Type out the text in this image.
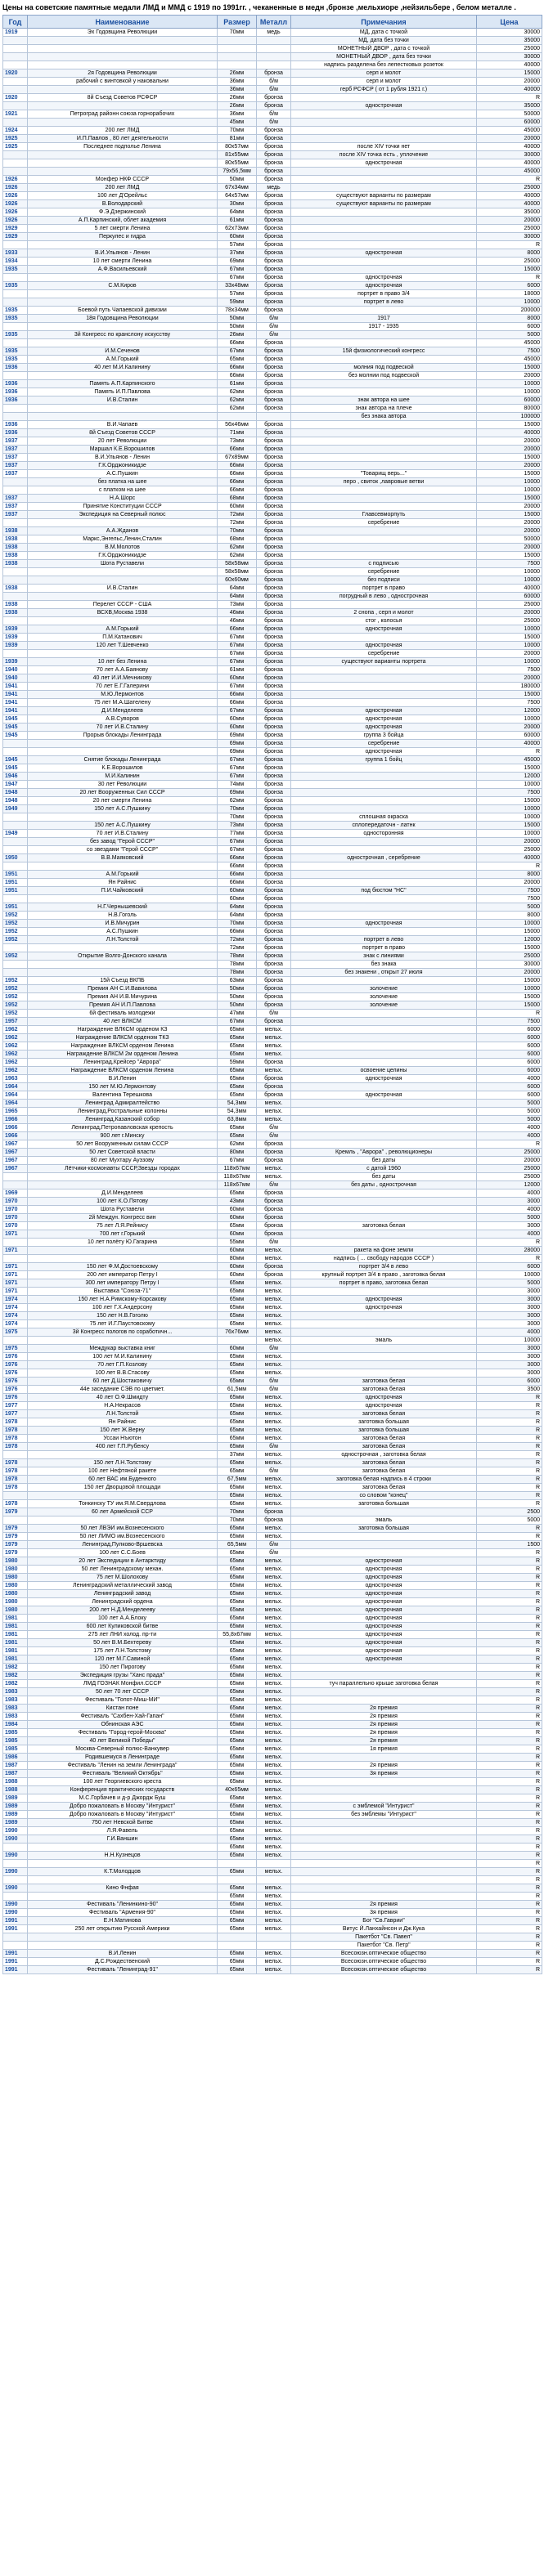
Цены на советские памятные медали ЛМД и ММД с 1919 по 1991гг. , чеканенные в медн ,бронзе ,мельхиоре ,нейзильбере , белом металле .
Год	Наименование	Размер	Металл	Примечания	Цена
1919	Эх Годовщина Революции	70мм	медь	МД, дата с точкой	30000
				МД, дата без точки	35000
				МОНЕТНЫЙ ДВОР , дата с точкой	25000
				МОНЕТНЫЙ ДВОР , дата без точки	30000
				надпись разделена без лепестковых розеток	40000
1920	2я Годовщина Революции	26мм	бронза	серп и молот	15000
	рабочий с винтовкой у наковальни	36мм	б/м	серп и молот	20000
		36мм	б/м	герб РСФСР ( от 1 рубля 1921 г.)	40000
1920	8й Съезд Советов РСФСР	26мм	бронза		R
		26мм	бронза	однострочная	35000
1921	Петроград районн союза горнорабочих	36мм	б/м		50000
		45мм	б/м		60000
1924	200 лет ЛМД	70мм	бронза		45000
1925	И.П.Павлов , 80 лет деятельности	81мм	бронза		20000
1925	Последнее подполье Ленина	80х57мм	бронза	после XIV точки нет	40000
		81х55мм	бронза	после XIV точка есть , уплочение	30000
		80х55мм	бронза	однострочная	40000
		79х56,5мм	бронза		45000
1926	Монфер НКФ СССР	50мм	бронза		R
1926	200 лет ЛМД	67х34мм	медь		25000
1926	100 лет Д'Орейльс	64х57мм	бронза	существуют варианты по размерам	40000
1926	В.Володарский	30мм	бронза	существуют варианты по размерам	40000
1926	Ф.Э.Дзержинский	64мм	бронза		35000
1926	А.П.Карпинский, облет академия	61мм	бронза		20000
1929	5 лет смерти Ленина	62х73мм	бронза		25000
1929	Перкулес и гидра	60мм	бронза		30000
		57мм	бронза		R
1933	В.И.Ульянов - Ленин	37мм	бронза	однострочная	8000
1934	10 лет смерти Ленина	69мм	бронза		25000
1935	А.Ф.Васильевский	67мм	бронза		15000
		67мм	бронза	однострочная	R
1935	С.М.Киров	33х48мм	бронза	однострочная	6000
		57мм	бронза	портрет в право 3/4	18000
		59мм	бронза	портрет в лево	10000
1935	Боевой путь Чапаевской дивизии	78х34мм	бронза		200000
1935	18я Годовщина Революции	50мм	б/м	1917	8000
		50мм	б/м	1917 - 1935	6000
1935	3й Конгресс по кранслону искусству	26мм	б/м		5000
		66мм	бронза		45000
1935	И.М.Сеченов	67мм	бронза	15й физиологический конгресс	7500
1935	А.М.Горький	65мм	бронза		45000
1936	40 лет М.И.Калинину	66мм	бронза	молния под подвеской	15000
		66мм	бронза	без молнии под подвеской	20000
1936	Память А.П.Карпинского	61мм	бронза		10000
1936	Память И.П.Павлова	62мм	бронза		10000
1936	И.В.Сталин	62мм	бронза	знак автора на шее	60000
		62мм	бронза	знак автора на плече	80000
				без знака автора	100000
1936	В.И.Чапаев	56х46мм	бронза		15000
1936	8й Съезд Советов СССР	71мм	бронза		40000
1937	20 лет Революции	73мм	бронза		20000
1937	Маршал К.Е.Ворошилов	66мм	бронза		20000
1937	В.И.Ульянов - Ленин	67х89мм	бронза		15000
1937	Г.К.Орджоникидзе	66мм	бронза		20000
1937	А.С.Пушкин	66мм	бронза	"Товарищ верь..."	15000
	без платка на шее	66мм	бронза	перо , свиток ,лавровые ветви	10000
	с платком на шее	66мм	бронза		10000
1937	Н.А.Шорс	68мм	бронза		15000
1937	Принятие Конституции СССР	60мм	бронза		20000
1937	Экспедиция на Северный полюс	72мм	бронза	Главсевморпуть	15000
		72мм	бронза	серебрение	20000
1938	А.А.Жданов	70мм	бронза		20000
1938	Маркс,Энгельс,Ленин,Сталин	68мм	бронза		50000
1938	В.М.Молотов	62мм	бронза		20000
1938	Г.К.Орджоникидзе	62мм	бронза		15000
1938	Шота Руставели	58х58мм	бронза	с подписью	7500
		58х58мм	бронза	серебрение	10000
		60х60мм	бронза	без подписи	10000
1938	И.В.Сталин	64мм	бронза	портрет в право	40000
		64мм	бронза	погрудный в лево , однострочная	60000
1938	Перелет СССР - США	73мм	бронза		25000
1938	ВСХВ,Москва 1938	46мм	бронза	2 снопа , серп и молот	20000
		46мм	бронза	стог , колосья	25000
1939	А.М.Горький	66мм	бронза	однострочная	10000
1939	П.М.Катанович	67мм	бронза		15000
1939	120 лет Т.Шевченко	67мм	бронза	однострочная	10000
		67мм	бронза	серебрение	20000
1939	10 лет без Ленина	67мм	бронза	существуют варианты портрета	10000
1940	70 лет А.А.Баянову	61мм	бронза		7500
1940	40 лет И.И.Мечникову	60мм	бронза		20000
1941	70 лет Е.Г.Галерини	67мм	бронза		180000
1941	М.Ю.Лермонтов	66мм	бронза		15000
1941	75 лет М.А.Шателену	66мм	бронза		7500
1941	Д.И.Менделеев	67мм	бронза	однострочная	12000
1945	А.В.Суворов	60мм	бронза	однострочная	10000
1945	70 лет И.В.Сталину	60мм	бронза	однострочная	20000
1945	Прорыв блокады Ленинграда	69мм	бронза	группа 3 бойца	60000
		69мм	бронза	серебрение	40000
		69мм	бронза	однострочная	R
1945	Снятие блокады Ленинграда	67мм	бронза	группа 1 бойц	45000
1945	К.Е.Ворошилов	67мм	бронза		15000
1946	М.И.Калинин	67мм	бронза		12000
1947	30 лет Революции	74мм	бронза		10000
1948	20 лет Вооруженных Сил СССР	69мм	бронза		7500
1948	20 лет смерти Ленина	62мм	бронза		15000
1949	150 лет А.С.Пушкину	70мм	бронза		10000
		70мм	бронза	сплошная окраска	10000
	150 лет А.С.Пушкину	73мм	бронза	сплопередаточн - латнк	15000
1949	70 лет И.В.Сталину	77мм	бронза	односторонняя	10000
	без завод "Герой СССР"	67мм	бронза		20000
	со звездами "Герой СССР"	67мм	бронза		25000
1950	В.В.Маяковский	66мм	бронза	однострочная , серебрение	40000
		66мм	бронза		R
1951	А.М.Горький	66мм	бронза		8000
1951	Ян Райнис	66мм	бронза		20000
1951	П.И.Чайковский	60мм	бронза	под бюстом "НС"	7500
		60мм	бронза		7500
1951	Н.Г.Чернышевский	64мм	бронза		5000
1952	Н.В.Гоголь	64мм	бронза		8000
1952	И.В.Мичурин	70мм	бронза	однострочная	10000
1952	А.С.Пушкин	66мм	бронза		15000
1952	Л.Н.Толстой	72мм	бронза	портрет в лево	12000
		72мм	бронза	портрет в право	15000
1952	Открытие Волго-Донского канала	78мм	бронза	знак с линиями	25000
		78мм	бронза	без знака	30000
		78мм	бронза	без знакени , открыт 27 июля	20000
1952	15й Съезд ВКПБ	63мм	бронза		15000
1952	Премия АН С.И.Вавилова	50мм	бронза	золочение	10000
1952	Премия АН И.В.Мичурина	50мм	бронза	золочение	15000
1952	Премия АН И.П.Павлова	50мм	бронза	золочение	15000
1952	6й фестиваль молодежи	47мм	б/м		R
1957	40 лет ВЛКСМ	67мм	бронза		7500
1962	Награждение ВЛКСМ орденом КЗ	65мм	мельх.		6000
1962	Награждение ВЛКСМ орденом ТКЗ	65мм	мельх.		6000
1962	Награждение ВЛКСМ орденом Ленина	65мм	мельх.		6000
1962	Награждение ВЛКСМ 2м орденом Ленина	65мм	мельх.		6000
1962	Ленинград,Крейсер "Аврора"	59мм	бронза		6000
1962	Награждение ВЛКСМ орденом Ленина	65мм	мельх.	освоение целины	6000
1963	В.И.Ленин	65мм	бронза	однострочная	4000
1964	150 лет М.Ю.Лермонтову	65мм	бронза		6000
1964	Валентина Терешкова	65мм	бронза	однострочная	6000
1964	Ленинград Адмиралтейство	54,3мм	мельх.		5000
1965	Ленинград,Ростральные колонны	54,3мм	мельх.		5000
1966	Ленинград,Казанский собор	63,8мм	мельх.		5000
1966	Ленинград,Петропавловская крепость	65мм	б/м		4000
1966	900 лет г.Минску	65мм	б/м		4000
1967	50 лет Вооруженным силам СССР	62мм	бронза		R
1967	50 лет Советской власти	80мм	бронза	Кремль , "Аврора" , революционеры	25000
1967	80 лет Мухтару Ауэзову	67мм	бронза	без даты	20000
1967	Лётчики-космонавты СССР,Звезды городах	118х67мм	мельх.	с датой 1960	25000
		118х67мм	мельх.	без даты	25000
		118х67мм	б/м	без даты , однострочная	12000
1969	Д.И.Менделеев	65мм	бронза		4000
1970	100 лет К.О.Пятову	43мм	бронза		3000
1970	Шота Руставели	60мм	бронза		4000
1970	2й Междун. Конгресс вин	60мм	бронза		5000
1970	75 лет Л.Я.Рейнису	65мм	бронза	заготовка белая	3000
1971	700 лет г.Горький	60мм	бронза		4000
	10 лет полёту Ю.Гагарина	55мм	б/м		R
1971		60мм	мельх.	ракета на фоне земли	28000
		80мм	мельх.	надпись ( ... свободу народов СССР )	R
1971	150 лет Ф.М.Достоевскому	60мм	бронза	портрет 3/4 в лево	6000
1971	200 лет император Петру I	60мм	бронза	крупный портрет 3/4 в право , заготовка белая	10000
1971	300 лет императору Петру I	65мм	мельх.	портрет в право, заготовка белая	5000
1971	Выставка "Союза-71"	65мм	мельх.		3000
1974	150 лет Н.А.Римскому-Корсакову	65мм	мельх.	однострочная	3000
1974	100 лет Г.Х.Андерсону	65мм	мельх.	однострочная	3000
1974	150 лет Н.В.Гоголю	65мм	мельх.		3000
1974	75 лет И.Г.Паустовскому	65мм	мельх.		3000
1975	3й Конгресс пологов по соработичн...	76х76мм	мельх.		4000
			мельх.	эмаль	10000
1975	Междукар выставка книг	60мм	б/м		3000
1976	100 лет М.И.Калинину	65мм	мельх.		3000
1976	70 лет Г.П.Козлову	65мм	мельх.		3000
1976	100 лет В.В.Стасову	65мм	мельх.		3000
1976	60 лет Д.Шостаковичу	65мм	б/м	заготовка белая	6000
1976	44е заседание СЭВ по цветмет.	61,5мм	б/м	заготовка белая	3500
1976	40 лет О.Ф.Шмидту	65мм	мельх.	однострочная	R
1977	Н.А.Некрасов	65мм	мельх.	однострочная	R
1977	Л.Н.Толстой	65мм	мельх.	заготовка белая	R
1978	Ян Райнис	65мм	мельх.	заготовка большая	R
1978	150 лет Ж.Верну	65мм	мельх.	заготовка большая	R
1978	Уссаи Нъютон	65мм	мельх.	заготовка белая	R
1978	400 лет Г.П.Рубенсу	65мм	б/м	заготовка белая	R
		37мм	мельх.	однострочная , заготовка белая	R
1978	150 лет Л.Н.Толстому	65мм	мельх.	заготовка белая	R
1978	100 лет Нефтяной ракете	65мм	б/м	заготовка белая	R
1978	60 лет ВАС им.Буденного	67,5мм	мельх.	заготовка белая надпись в 4 строки	R
1978	150 лет Дворцовой площади	65мм	мельх.	заготовка белая	R
		65мм	мельх.	со словом "конец"	R
1978	Тонкинску ТУ им.Я.М.Свердлова	65мм	мельх.	заготовка большая	R
1979	60 лет Армейской ССР	70мм	бронза		2500
		70мм	бронза	эмаль	5000
1979	50 лет ЛВЭИ им.Вознесенского	65мм	мельх.	заготовка большая	R
1979	50 лет ЛИМО им.Вознесенского	65мм	мельх.		R
1979	Ленинград,Пулково-Вршевска	65,5мм	б/м		1500
1979	100 лет С.С.Боев	65мм	б/м		R
1980	20 лет Экспедиции в Антарктиду	65мм	мельх.	однострочная	R
1980	50 лет Ленинградскому механ.	65мм	мельх.	однострочная	R
1980	75 лет М.Шолохову	65мм	мельх.	однострочная	R
1980	Ленинградский металлический завод	65мм	мельх.	однострочная	R
1980	Ленинградский завод	65мм	мельх.	однострочная	R
1980	Ленинградский ордена	65мм	мельх.	однострочная	R
1980	200 лет Н.Д.Менделееву	65мм	мельх.	однострочная	R
1981	100 лет А.А.Блоку	65мм	мельх.	однострочная	R
1981	600 лет Куликовской битве	65мм	мельх.	однострочная	R
1981	275 лет ЛНИ холод. пр-ти	55,8х67мм	мельх.	однострочная	R
1981	50 лет В.М.Бехтереву	65мм	мельх.	однострочная	R
1981	175 лет Л.Н.Толстому	65мм	мельх.	однострочная	R
1981	120 лет М.Г.Савиной	65мм	мельх.	однострочная	R
1982	150 лет Пирогову	65мм	мельх.		R
1982	Экспедиция грузы "Ханс прада"	65мм	мельх.		R
1982	ЛМД ГОЗНАК Монфил.СССР	65мм	мельх.	туч параллельно крыше заготовка белая	R
1983	50 лет 70 лет СССР	65мм	мельх.		R
1983	Фестиваль "Гопот-Миш-МИ"	65мм	мельх.		R
1983	Кистан поне	65мм	мельх.	2я премия	R
1983	Фестиваль "Сахбен-Хай-Гапан"	65мм	мельх.	2я премия	R
1984	Обнинская АЭС	65мм	мельх.	2я премия	R
1985	Фестиваль "Город-герой-Москва"	65мм	мельх.	2я премия	R
1985	40 лет Великой Победы"	65мм	мельх.	2я премия	R
1985	Москва-Северный полюс-Ванкувер	65мм	мельх.	1я премия	R
1986	Родившемуся в Ленинграде	65мм	мельх.		R
1987	Фестиваль "Ленин на земли Ленинграда"	65мм	мельх.	2я премия	R
1987	Фестиваль "Великий Октябрь"	65мм	мельх.	3я премия	R
1988	100 лет Георгиевского креста	65мм	мельх.		R
1988	Конференция практических государств	40х65мм	мельх.		R
1989	М.С.Горбачев и д-р Джордж Буш	65мм	мельх.		R
1989	Добро пожаловать в Москву "Интурист"	65мм	мельх.	с эмблемой "Интурист"	R
1989	Добро пожаловать в Москву "Интурист"	65мм	мельх.	без эмблемы "Интурист"	R
1989	750 лет Невской Битве	65мм	мельх.		R
1990	Л.Я.Фавель	65мм	мельх.		R
1990	Г.И.Ваншин	65мм	мельх.		R
		65мм	мельх.		R
1990	Н.Н.Кузнецов	65мм	мельх.		R
					R
1990	К.Т.Молодцов	65мм	мельх.		R
					R
1990	Кино Фнфая	65мм	мельх.		R
		65мм	мельх.		R
1990	Фестиваль "Ленинкино-90"	65мм	мельх.	2я премия	R
1990	Фестиваль "Армения-90"	65мм	мельх.	3я премия	R
1991	Е.Н.Матинова	65мм	мельх.	Бог "Св.Гаврии"	R
1991	250 лет открытию Русской Америки	65мм	мельх.	Витус Й.Ланхайнсон и Дж.Кука	R
				Пакетбот "Св. Павел"	R
				Пакетбот "Св. Петр"	R
1991	В.И.Ленин	65мм	мельх.	Всесоюзн.оптическое общество	R
1991	Д.С.Рождественский	65мм	мельх.	Всесоюзн.оптическое общество	R
1991	Фестиваль "Ленинград-91"	65мм	мельх.	Всесоюзн.оптическое общество	R
